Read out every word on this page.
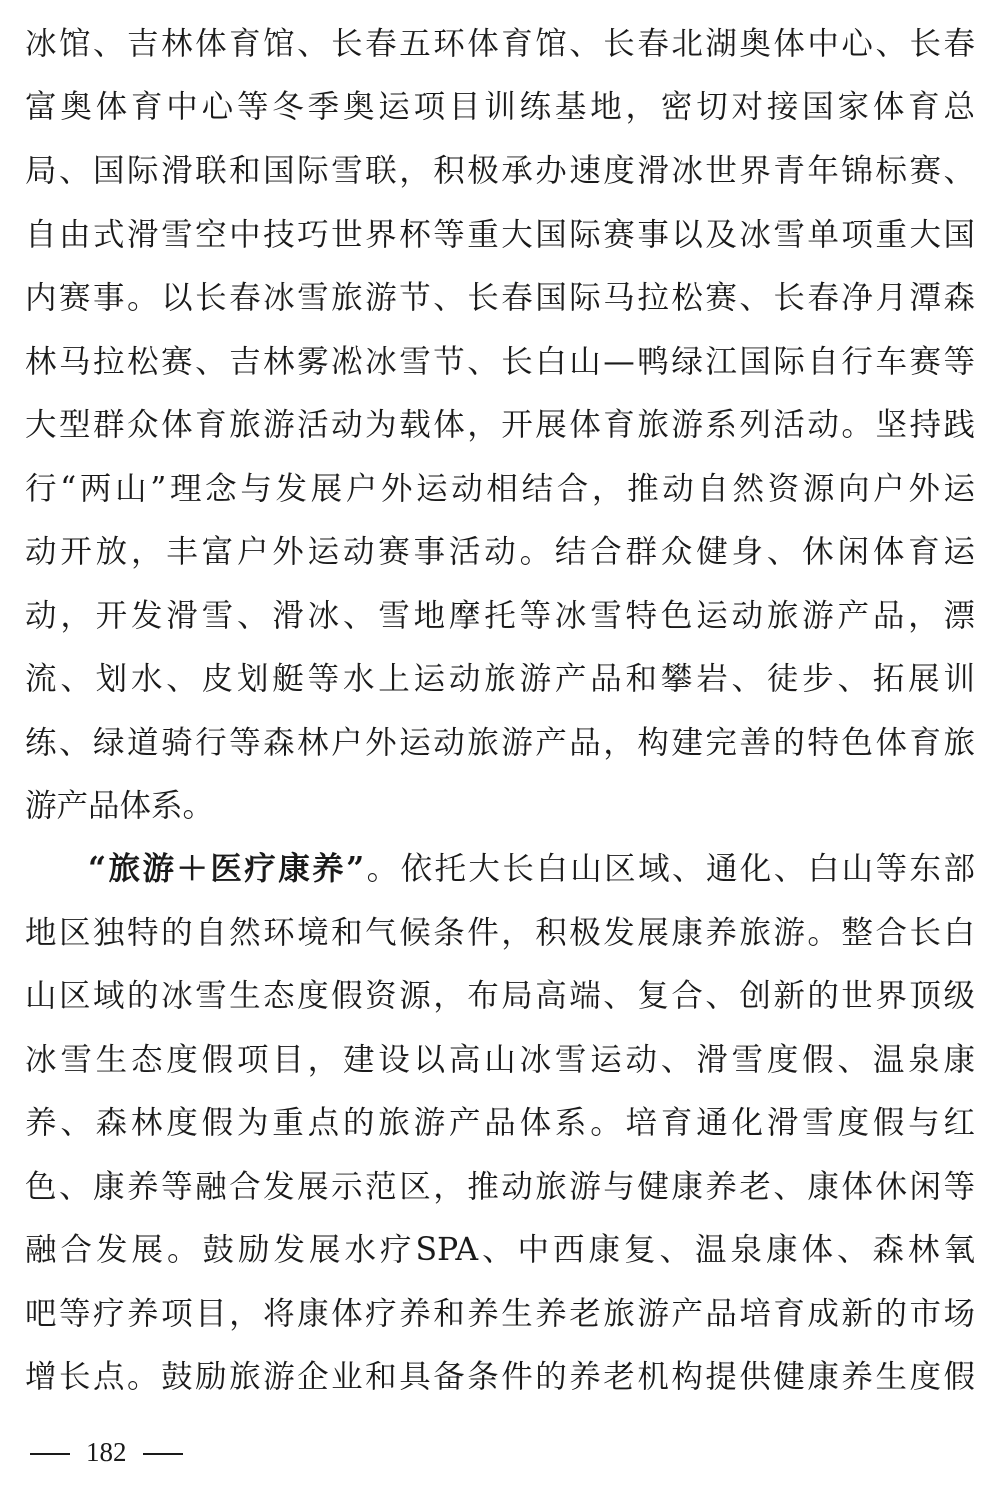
冰馆、吉林体育馆、长春五环体育馆、长春北湖奥体中心、长春
富奥体育中心等冬季奥运项目训练基地，密切对接国家体育总
局、国际滑联和国际雪联，积极承办速度滑冰世界青年锦标赛、
自由式滑雪空中技巧世界杯等重大国际赛事以及冰雪单项重大国
内赛事。以长春冰雪旅游节、长春国际马拉松赛、长春净月潭森
林马拉松赛、吉林雾凇冰雪节、长白山—鸭绿江国际自行车赛等
大型群众体育旅游活动为载体，开展体育旅游系列活动。坚持践
行“两山”理念与发展户外运动相结合，推动自然资源向户外运
动开放，丰富户外运动赛事活动。结合群众健身、休闲体育运
动，开发滑雪、滑冰、雪地摩托等冰雪特色运动旅游产品，漂
流、划水、皮划艇等水上运动旅游产品和攀岩、徒步、拓展训
练、绿道骑行等森林户外运动旅游产品，构建完善的特色体育旅
游产品体系。
“旅游＋医疗康养”。依托大长白山区域、通化、白山等东部
地区独特的自然环境和气候条件，积极发展康养旅游。整合长白
山区域的冰雪生态度假资源，布局高端、复合、创新的世界顶级
冰雪生态度假项目，建设以高山冰雪运动、滑雪度假、温泉康
养、森林度假为重点的旅游产品体系。培育通化滑雪度假与红
色、康养等融合发展示范区，推动旅游与健康养老、康体休闲等
融合发展。鼓励发展水疗SPA、中西康复、温泉康体、森林氧
吧等疗养项目，将康体疗养和养生养老旅游产品培育成新的市场
增长点。鼓励旅游企业和具备条件的养老机构提供健康养生度假
182
